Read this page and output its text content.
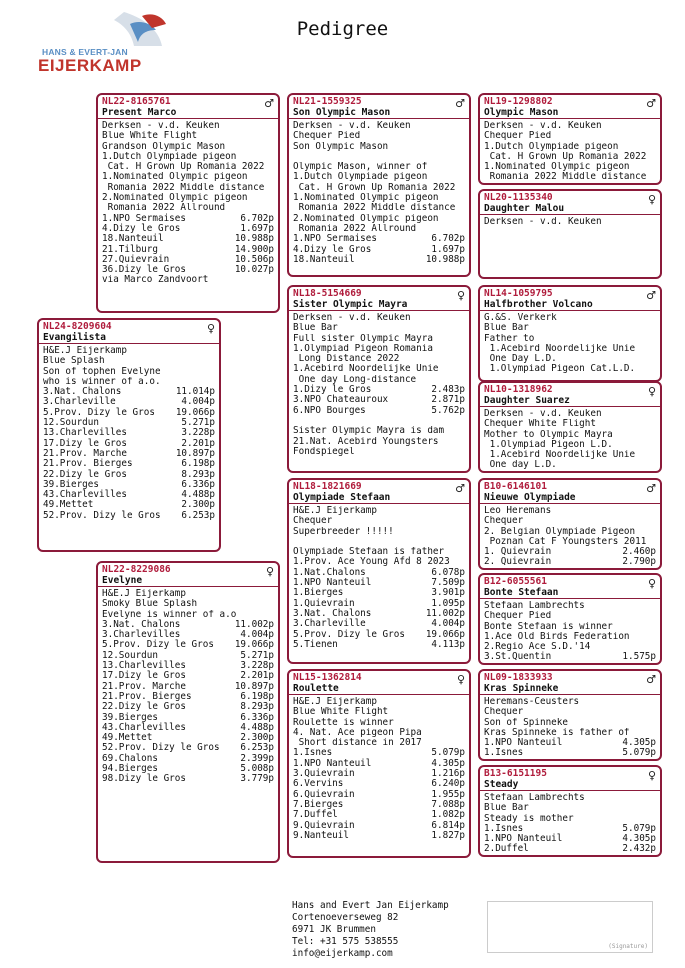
Pedigree
HANS & EVERT-JAN
EIJERKAMP
NL24-8209604
Evangilista
♀
H&E.J Eijerkamp
Blue Splash
Son of tophen Evelyne
who is winner of a.o.
3.Nat. Chalons	11.014p
3.Charleville	4.004p
5.Prov. Dizy le Gros 19.066p
12.Sourdun	5.271p
13.Charlevilles	3.228p
17.Dizy le Gros	2.201p
21.Prov. Marche	10.897p
21.Prov. Bierges	6.198p
22.Dizy le Gros	8.293p
39.Bierges	6.336p
43.Charlevilles	4.488p
49.Mettet	2.300p
52.Prov. Dizy le Gros 6.253p
NL22-8165761
Present Marco
♂
Derksen - v.d. Keuken
Blue White Flight
Grandson Olympic Mason
1.Dutch Olympiade pigeon
Cat. H Grown Up Romania 2022
1.Nominated Olympic pigeon
Romania 2022 Middle distance
2.Nominated Olympic pigeon
Romania 2022 Allround
1.NPO Sermaises	6.702p
4.Dizy le Gros	1.697p
18.Nanteuil	10.988p
21.Tilburg	14.900p
27.Quievrain	10.506p
36.Dizy le Gros	10.027p
via Marco Zandvoort
NL22-8229086
Evelyne
♀
H&E.J Eijerkamp
Smoky Blue Splash
Evelyne is winner of a.o
3.Nat. Chalons	11.002p
3.Charlevilles	4.004p
5.Prov. Dizy le Gros 19.066p
12.Sourdun	5.271p
13.Charlevilles	3.228p
17.Dizy le Gros	2.201p
21.Prov. Marche	10.897p
21.Prov. Bierges	6.198p
22.Dizy le Gros	8.293p
39.Bierges	6.336p
43.Charlevilles	4.488p
49.Mettet	2.300p
52.Prov. Dizy le Gros 6.253p
69.Chalons	2.399p
94.Bierges	5.008p
98.Dizy le Gros	3.779p
NL21-1559325
Son Olympic Mason
♂
Derksen - v.d. Keuken
Chequer Pied
Son Olympic Mason
Olympic Mason, winner of
1.Dutch Olympiade pigeon
Cat. H Grown Up Romania 2022
1.Nominated Olympic pigeon
Romania 2022 Middle distance
2.Nominated Olympic pigeon
Romania 2022 Allround
1.NPO Sermaises	6.702p
4.Dizy le Gros	1.697p
18.Nanteuil	10.988p
NL18-5154669
Sister Olympic Mayra
♀
Derksen - v.d. Keuken
Blue Bar
Full sister Olympic Mayra
1.Olympiad Pigeon Romania
Long Distance 2022
1.Acebird Noordelijke Unie
One day Long-distance
1.Dizy le Gros	2.483p
3.NPO Chateauroux	2.871p
6.NPO Bourges	5.762p
Sister Olympic Mayra is dam
21.Nat. Acebird Youngsters
Fondspiegel
NL18-1821669
Olympiade Stefaan
♂
H&E.J Eijerkamp
Chequer
Superbreeder !!!!!
Olympiade Stefaan is father
1.Prov. Ace Young Afd 8 2023
1.Nat.Chalons	6.078p
1.NPO Nanteuil	7.509p
1.Bierges	3.901p
1.Quievrain	1.095p
3.Nat. Chalons	11.002p
3.Charleville	4.004p
5.Prov. Dizy le Gros 19.066p
5.Tienen	4.113p
NL15-1362814
Roulette
♀
H&E.J Eijerkamp
Blue White Flight
Roulette is winner
4. Nat. Ace pigeon Pipa
Short distance in 2017
1.Isnes	5.079p
1.NPO Nanteuil	4.305p
3.Quievrain	1.216p
6.Vervins	6.240p
6.Quievrain	1.955p
7.Bierges	7.088p
7.Duffel	1.082p
9.Quievrain	6.814p
9.Nanteuil	1.827p
NL19-1298802
Olympic Mason
♂
Derksen - v.d. Keuken
Chequer Pied
1.Dutch Olympiade pigeon
Cat. H Grown Up Romania 2022
1.Nominated Olympic pigeon
Romania 2022 Middle distance
NL20-1135340
Daughter Malou
♀
Derksen - v.d. Keuken
NL14-1059795
Halfbrother Volcano
♂
G.&S. Verkerk
Blue Bar
Father to
1.Acebird Noordelijke Unie
One Day L.D.
1.Olympiad Pigeon Cat.L.D.
NL10-1318962
Daughter Suarez
♀
Derksen - v.d. Keuken
Chequer White Flight
Mother to Olympic Mayra
1.Olympiad Pigeon L.D.
1.Acebird Noordelijke Unie
One day L.D.
B10-6146101
Nieuwe Olympiade
♂
Leo Heremans
Chequer
2. Belgian Olympiade Pigeon
Poznan Cat F Youngsters 2011
1. Quievrain	2.460p
2. Quievrain	2.790p
B12-6055561
Bonte Stefaan
♀
Stefaan Lambrechts
Chequer Pied
Bonte Stefaan is winner
1.Ace Old Birds Federation
2.Regio Ace S.D.'14
3.St.Quentin	1.575p
NL09-1833933
Kras Spinneke
♂
Heremans-Ceusters
Chequer
Son of Spinneke
Kras Spinneke is father of
1.NPO Nanteuil	4.305p
1.Isnes	5.079p
B13-6151195
Steady
♀
Stefaan Lambrechts
Blue Bar
Steady is mother
1.Isnes	5.079p
1.NPO Nanteuil	4.305p
2.Duffel	2.432p
Hans and Evert Jan Eijerkamp
Cortenoeverseweg 82
6971 JK Brummen
Tel: +31 575 538555
info@eijerkamp.com
(Signature)
